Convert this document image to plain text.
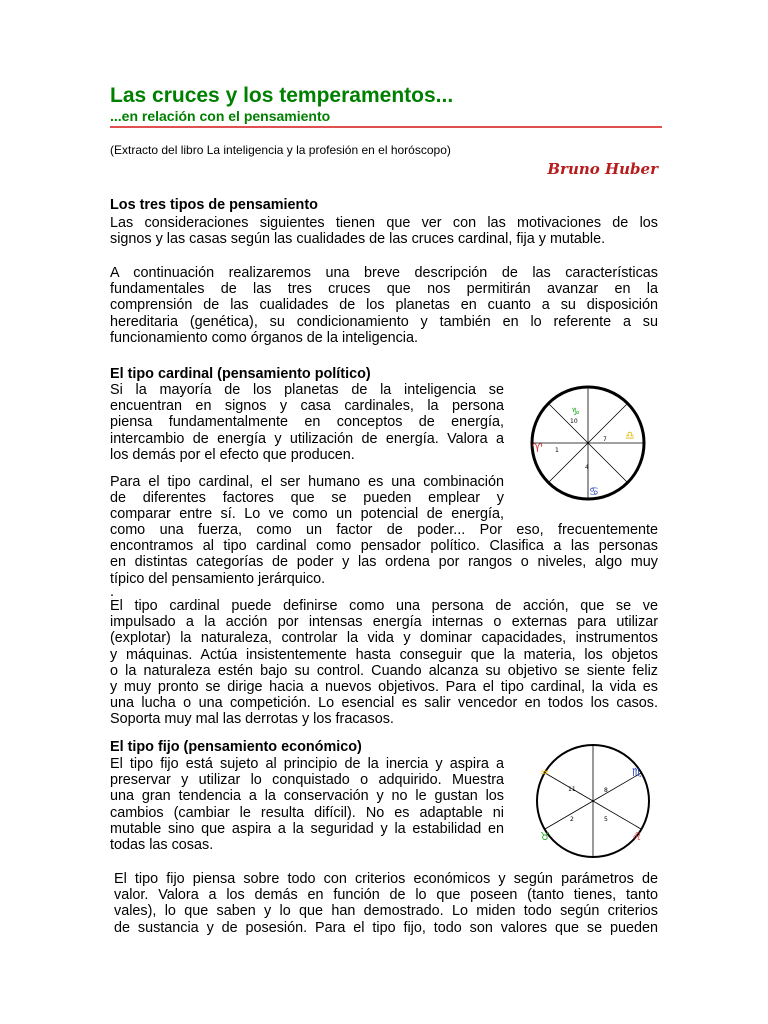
Las cruces y los temperamentos...
...en relación con el pensamiento
(Extracto del libro La inteligencia y la profesión en el horóscopo)
Bruno Huber
Los tres tipos de pensamiento
Las consideraciones siguientes tienen que ver con las motivaciones de los
signos y las casas según las cualidades de las cruces cardinal, fija y mutable.
A continuación realizaremos una breve descripción de las características
fundamentales de las tres cruces que nos permitirán avanzar en la
comprensión de las cualidades de los planetas en cuanto a su disposición
hereditaria (genética), su condicionamiento y también en lo referente a su
funcionamiento como órganos de la inteligencia.
El tipo cardinal (pensamiento político)
Si la mayoría de los planetas de la inteligencia se
encuentran en signos y casa cardinales, la persona
piensa fundamentalmente en conceptos de energía,
intercambio de energía y utilización de energía. Valora a
los demás por el efecto que producen.
Para el tipo cardinal, el ser humano es una combinación
de diferentes factores que se pueden emplear y
comparar entre sí. Lo ve como un potencial de energía,
como una fuerza, como un factor de poder... Por eso, frecuentemente
encontramos al tipo cardinal como pensador político. Clasifica a las personas
en distintas categorías de poder y las ordena por rangos o niveles, algo muy
típico del pensamiento jerárquico.
.
El tipo cardinal puede definirse como una persona de acción, que se ve
impulsado a la acción por intensas energía internas o externas para utilizar
(explotar) la naturaleza, controlar la vida y dominar capacidades, instrumentos
y máquinas. Actúa insistentemente hasta conseguir que la materia, los objetos
o la naturaleza estén bajo su control. Cuando alcanza su objetivo se siente feliz
y muy pronto se dirige hacia a nuevos objetivos. Para el tipo cardinal, la vida es
una lucha o una competición. Lo esencial es salir vencedor en todos los casos.
Soporta muy mal las derrotas y los fracasos.
♑
♎
♈
♋
10
7
1
4
El tipo fijo (pensamiento económico)
El tipo fijo está sujeto al principio de la inercia y aspira a
preservar y utilizar lo conquistado o adquirido. Muestra
una gran tendencia a la conservación y no le gustan los
cambios (cambiar le resulta difícil). No es adaptable ni
mutable sino que aspira a la seguridad y la estabilidad en
todas las cosas.
El tipo fijo piensa sobre todo con criterios económicos y según parámetros de
valor. Valora a los demás en función de lo que poseen (tanto tienes, tanto
vales), lo que saben y lo que han demostrado. Lo miden todo según criterios
de sustancia y de posesión. Para el tipo fijo, todo son valores que se pueden
♒	♏
♉	♌
11	8
2	5
